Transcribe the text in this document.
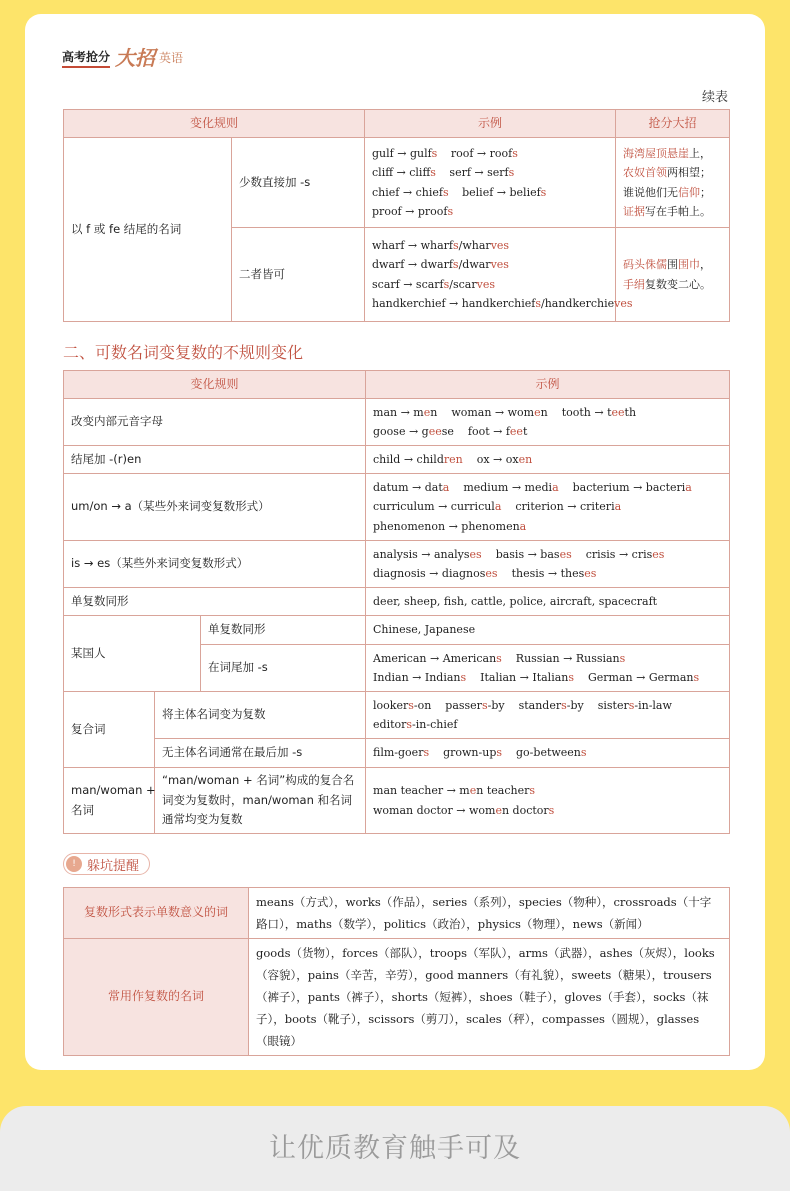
高考抢分 大招 英语
续表
变化规则		示例	抢分大招
以 f 或 fe 结尾的名词	少数直接加 -s	gulf → gulfs roof → roofs
cliff → cliffs serf → serfs
chief → chiefs belief → beliefs
proof → proofs	海湾屋顶悬崖上，
农奴首领两相望；
谁说他们无信仰；
证据写在手帕上。

	二者皆可	wharf → wharfs/wharves
dwarf → dwarfs/dwarves
scarf → scarfs/scarves
handkerchief → handkerchiefs/handkerchieves	码头侏儒围围巾，
手绢复数变二心。
二、可数名词变复数的不规则变化
变化规则			示例
改变内部元音字母			man → men    woman → women    tooth → teeth
goose → geese    foot → feet

结尾加 -(r)en			child → children    ox → oxen

um/on → a（某些外来词变复数形式）			datum → data    medium → media    bacterium → bacteria
curriculum → curricula    criterion → criteria
phenomenon → phenomena

is → es（某些外来词变复数形式）			analysis → analyses    basis → bases    crisis → crises
diagnosis → diagnoses    thesis → theses

单复数同形			deer, sheep, fish, cattle, police, aircraft, spacecraft

某国人		单复数同形	Chinese, Japanese

		在词尾加 -s	American → Americans    Russian → Russians
Indian → Indians    Italian → Italians    German → Germans

复合词	将主体名词变为复数		lookers-on    passers-by    standers-by    sisters-in-law
editors-in-chief

	无主体名词通常在最后加 -s		film-goers    grown-ups    go-betweens

man/woman +
名词	“man/woman + 名词”构成的复合名
词变为复数时，man/woman 和名词
通常均变为复数		man teacher → men teachers
woman doctor → women doctors
! 躲坑提醒
复数形式表示单数意义的词	means（方式），works（作品），series（系列），species（物种），crossroads（十字路口），maths（数学），politics（政治），physics（物理），news（新闻）
常用作复数的名词	goods（货物），forces（部队），troops（军队），arms（武器），ashes（灰烬），looks（容貌），pains（辛苦，辛劳），good manners（有礼貌），sweets（糖果），trousers（裤子），pants（裤子），shorts（短裤），shoes（鞋子），gloves（手套），socks（袜子），boots（靴子），scissors（剪刀），scales（秤），compasses（圆规），glasses（眼镜）
让优质教育触手可及
